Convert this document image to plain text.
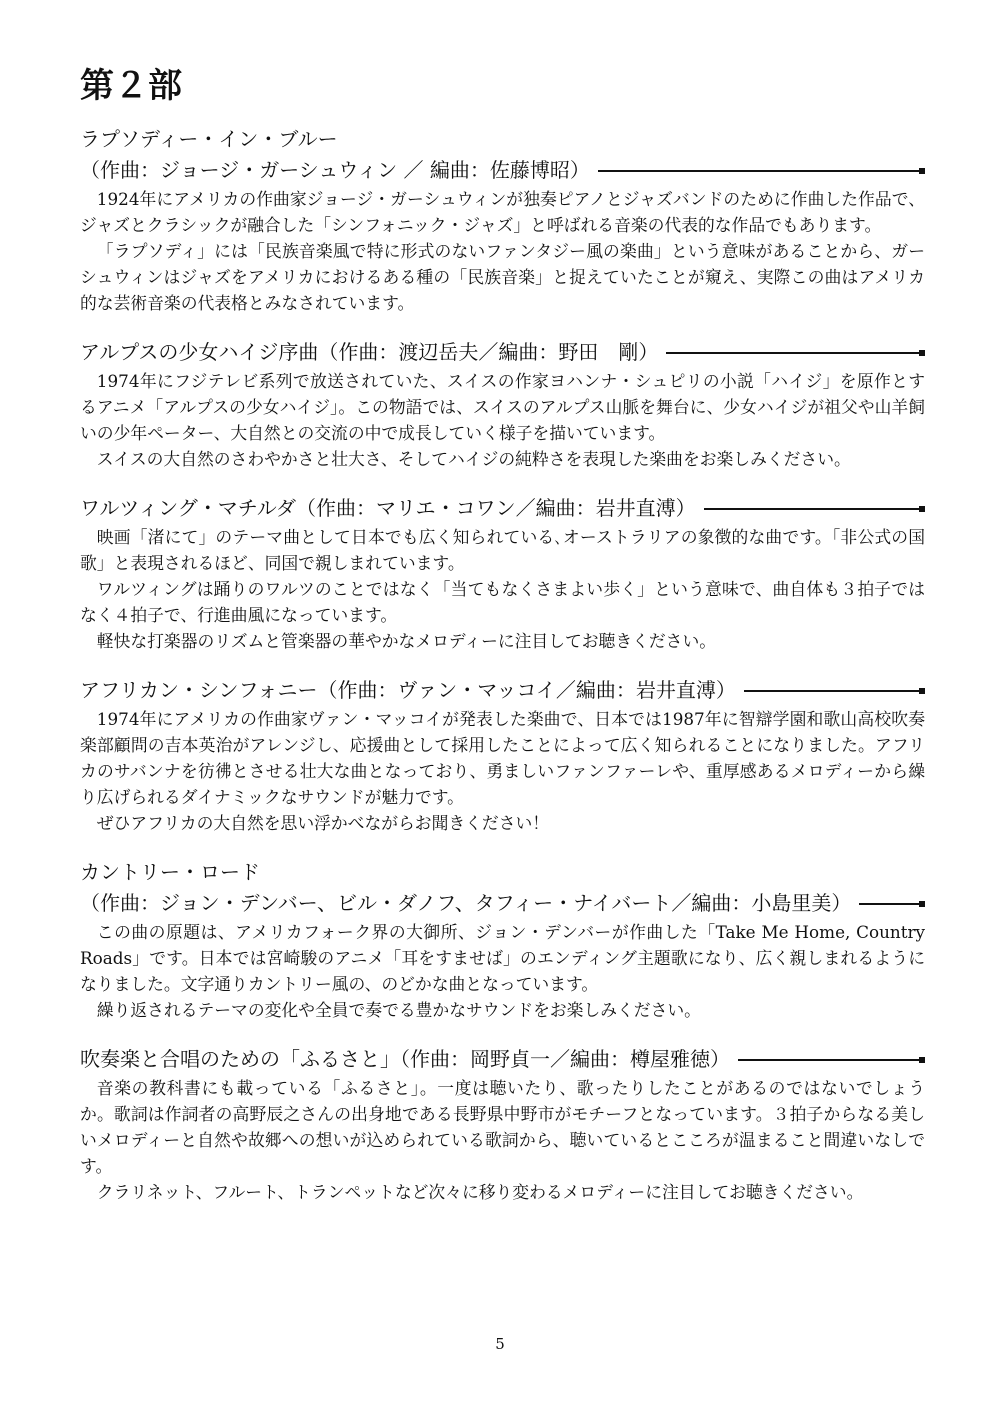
第２部
ラプソディー・イン・ブルー
（作曲：ジョージ・ガーシュウィン ／ 編曲：佐藤博昭）

1924年にアメリカの作曲家ジョージ・ガーシュウィンが独奏ピアノとジャズバンドのために作曲した作品で、ジャズとクラシックが融合した「シンフォニック・ジャズ」と呼ばれる音楽の代表的な作品でもあります。

「ラプソディ」には「民族音楽風で特に形式のないファンタジー風の楽曲」という意味があることから、ガーシュウィンはジャズをアメリカにおけるある種の「民族音楽」と捉えていたことが窺え、実際この曲はアメリカ的な芸術音楽の代表格とみなされています。

アルプスの少女ハイジ序曲（作曲：渡辺岳夫／編曲：野田　剛）

1974年にフジテレビ系列で放送されていた、スイスの作家ヨハンナ・シュピリの小説「ハイジ」を原作とするアニメ「アルプスの少女ハイジ」。この物語では、スイスのアルプス山脈を舞台に、少女ハイジが祖父や山羊飼いの少年ペーター、大自然との交流の中で成長していく様子を描いています。

スイスの大自然のさわやかさと壮大さ、そしてハイジの純粋さを表現した楽曲をお楽しみください。

ワルツィング・マチルダ（作曲：マリエ・コワン／編曲：岩井直溥）

映画「渚にて」のテーマ曲として日本でも広く知られている､オーストラリアの象徴的な曲です。「非公式の国歌」と表現されるほど、同国で親しまれています。

ワルツィングは踊りのワルツのことではなく「当てもなくさまよい歩く」という意味で、曲自体も３拍子ではなく４拍子で、行進曲風になっています。

軽快な打楽器のリズムと管楽器の華やかなメロディーに注目してお聴きください。

アフリカン・シンフォニー（作曲：ヴァン・マッコイ／編曲：岩井直溥）

1974年にアメリカの作曲家ヴァン・マッコイが発表した楽曲で、日本では1987年に智辯学園和歌山高校吹奏楽部顧問の吉本英治がアレンジし、応援曲として採用したことによって広く知られることになりました。アフリカのサバンナを彷彿とさせる壮大な曲となっており、勇ましいファンファーレや、重厚感あるメロディーから繰り広げられるダイナミックなサウンドが魅力です。

ぜひアフリカの大自然を思い浮かべながらお聞きください！

カントリー・ロード
（作曲：ジョン・デンバー、ビル・ダノフ、タフィー・ナイバート／編曲：小島里美）

この曲の原題は、アメリカフォーク界の大御所、ジョン・デンバーが作曲した「Take Me Home, Country Roads」です。日本では宮崎駿のアニメ「耳をすませば」のエンディング主題歌になり、広く親しまれるようになりました。文字通りカントリー風の、のどかな曲となっています。

繰り返されるテーマの変化や全員で奏でる豊かなサウンドをお楽しみください。

吹奏楽と合唱のための「ふるさと」（作曲：岡野貞一／編曲：樽屋雅徳）

音楽の教科書にも載っている「ふるさと」。一度は聴いたり、歌ったりしたことがあるのではないでしょうか。歌詞は作詞者の高野辰之さんの出身地である長野県中野市がモチーフとなっています。３拍子からなる美しいメロディーと自然や故郷への想いが込められている歌詞から、聴いているとこころが温まること間違いなしです。

クラリネット、フルート、トランペットなど次々に移り変わるメロディーに注目してお聴きください。

5
